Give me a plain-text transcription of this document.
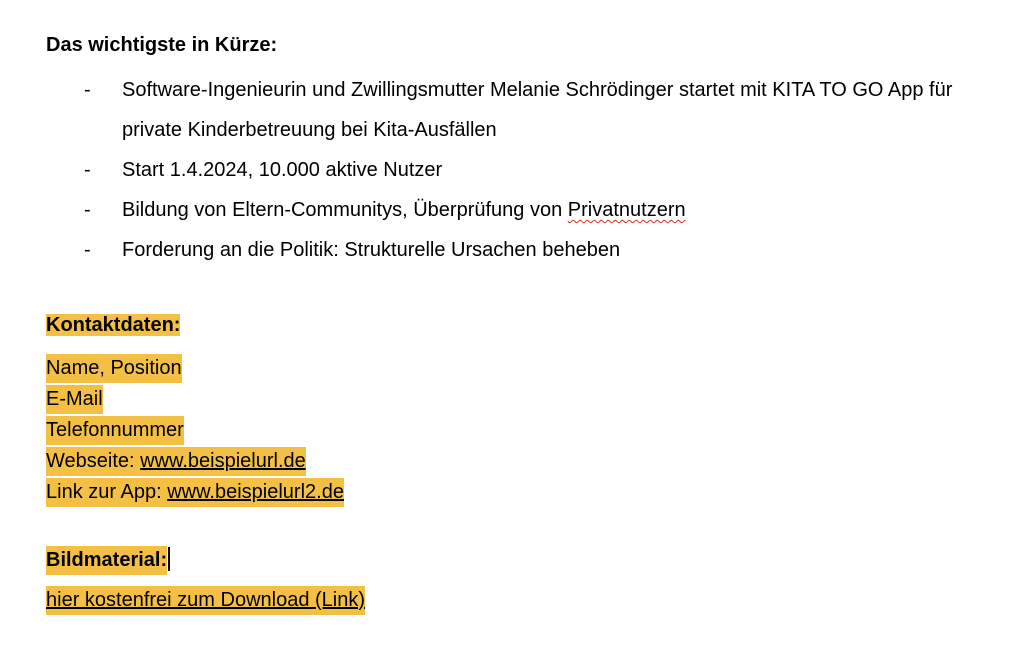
Das wichtigste in Kürze:

- Software-Ingenieurin und Zwillingsmutter Melanie Schrödinger startet mit KITA TO GO App für private Kinderbetreuung bei Kita-Ausfällen
- Start 1.4.2024, 10.000 aktive Nutzer
- Bildung von Eltern-Communitys, Überprüfung von Privatnutzern
- Forderung an die Politik: Strukturelle Ursachen beheben
Kontaktdaten:
Name, Position
E-Mail
Telefonnummer
Webseite: www.beispielurl.de
Link zur App: www.beispielurl2.de
Bildmaterial:
hier kostenfrei zum Download (Link)
